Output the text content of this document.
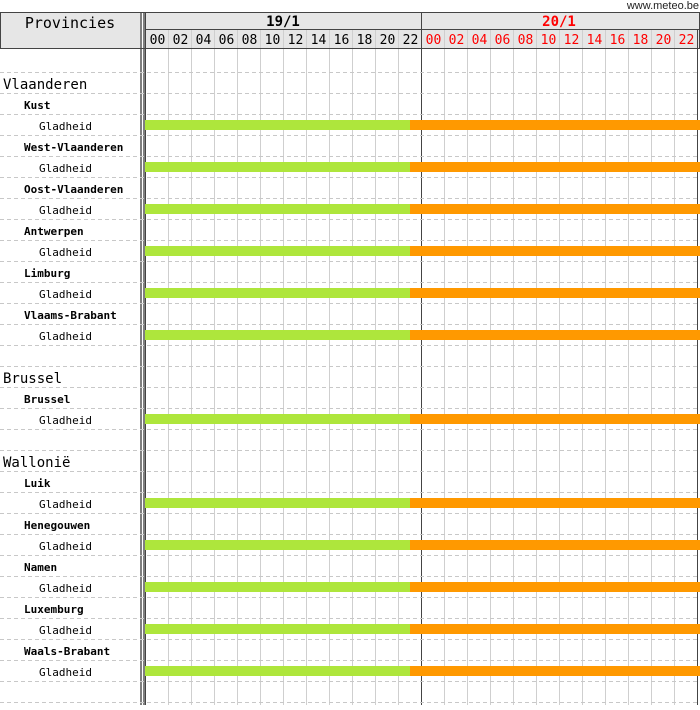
www.meteo.be
Provincies	19/1	20/1
00 02 04 06 08 10 12 14 16 18 20 22 00 02 04 06 08 10 12 14 16 18 20 22
Vlaanderen
Kust
Gladheid
West-Vlaanderen
Gladheid
Oost-Vlaanderen
Gladheid
Antwerpen
Gladheid
Limburg
Gladheid
Vlaams-Brabant
Gladheid
Brussel
Brussel
Gladheid
Wallonië
Luik
Gladheid
Henegouwen
Gladheid
Namen
Gladheid
Luxemburg
Gladheid
Waals-Brabant
Gladheid
